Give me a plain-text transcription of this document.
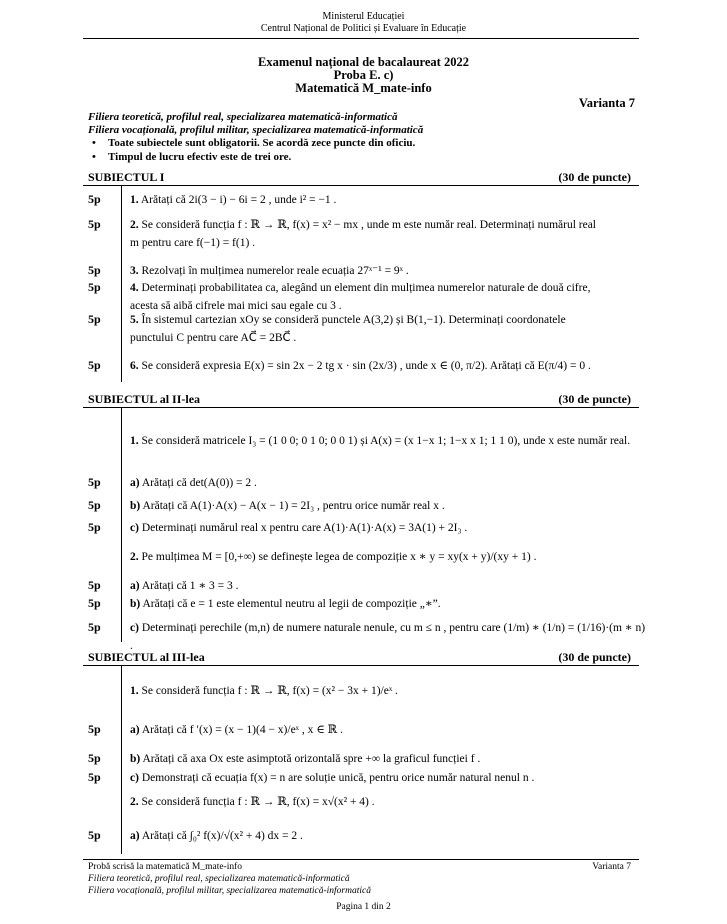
Ministerul Educației
Centrul Național de Politici și Evaluare în Educație
Examenul național de bacalaureat 2022
Proba E. c)
Matematică M_mate-info
Varianta 7
Filiera teoretică, profilul real, specializarea matematică-informatică
Filiera vocațională, profilul militar, specializarea matematică-informatică
• Toate subiectele sunt obligatorii. Se acordă zece puncte din oficiu.
• Timpul de lucru efectiv este de trei ore.
SUBIECTUL I	(30 de puncte)
5p	1. Arătați că 2i(3 − i) − 6i = 2 , unde i² = −1 .
5p	2. Se consideră funcția f : ℝ → ℝ, f(x) = x² − mx , unde m este număr real. Determinați numărul real
m pentru care f(−1) = f(1) .
5p	3. Rezolvați în mulțimea numerelor reale ecuația 27ˣ⁻¹ = 9ˣ .
5p	4. Determinați probabilitatea ca, alegând un element din mulțimea numerelor naturale de două cifre,
acesta să aibă cifrele mai mici sau egale cu 3 .
5p	5. În sistemul cartezian xOy se consideră punctele A(3,2) și B(1,−1). Determinați coordonatele
punctului C pentru care AC⃗ = 2BC⃗ .
5p	6. Se consideră expresia E(x) = sin 2x − 2 tg x · sin (2x/3) , unde x ∈ (0, π/2). Arătați că E(π/4) = 0 .
SUBIECTUL al II-lea	(30 de puncte)
1. Se consideră matricele I₃ = (1 0 0; 0 1 0; 0 0 1) și A(x) = (x 1−x 1; 1−x x 1; 1 1 0), unde x este număr real.
5p	a) Arătați că det(A(0)) = 2 .
5p	b) Arătați că A(1)·A(x) − A(x − 1) = 2I₃ , pentru orice număr real x .
5p	c) Determinați numărul real x pentru care A(1)·A(1)·A(x) = 3A(1) + 2I₃ .
2. Pe mulțimea M = [0,+∞) se definește legea de compoziție x ∗ y = xy(x + y)/(xy + 1) .
5p	a) Arătați că 1 ∗ 3 = 3 .
5p	b) Arătați că e = 1 este elementul neutru al legii de compoziție „∗”.
5p	c) Determinați perechile (m,n) de numere naturale nenule, cu m ≤ n , pentru care (1/m) ∗ (1/n) = (1/16)·(m ∗ n) .
SUBIECTUL al III-lea	(30 de puncte)
1. Se consideră funcția f : ℝ → ℝ, f(x) = (x² − 3x + 1)/eˣ .
5p	a) Arătați că f ′(x) = (x − 1)(4 − x)/eˣ , x ∈ ℝ .
5p	b) Arătați că axa Ox este asimptotă orizontală spre +∞ la graficul funcției f .
5p	c) Demonstrați că ecuația f(x) = n are soluție unică, pentru orice număr natural nenul n .
2. Se consideră funcția f : ℝ → ℝ, f(x) = x√(x² + 4) .
5p	a) Arătați că ∫₀² f(x)/√(x² + 4) dx = 2 .
Probă scrisă la matematică M_mate-info	Varianta 7
Filiera teoretică, profilul real, specializarea matematică-informatică
Filiera vocațională, profilul militar, specializarea matematică-informatică
Pagina 1 din 2
